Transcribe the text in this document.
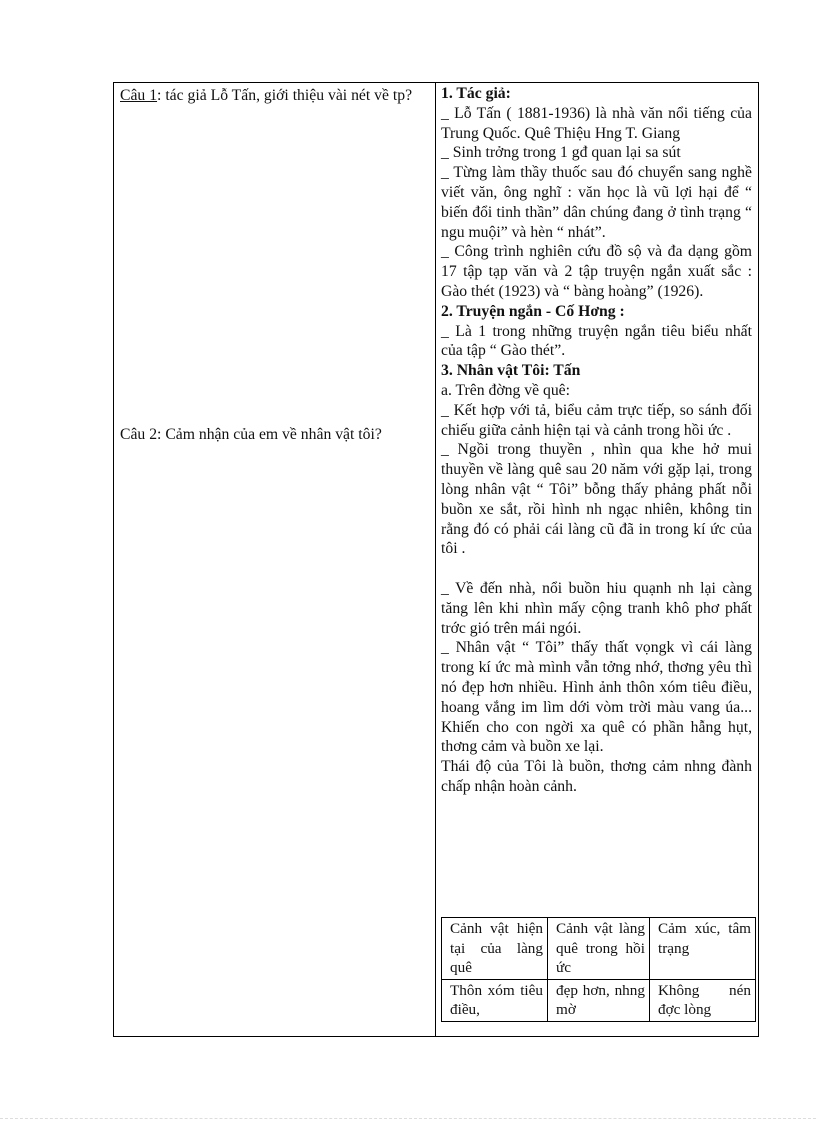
Câu 1: tác giả Lỗ Tấn, giới thiệu vài nét về tp?

Câu 2: Cảm nhận của em về nhân vật tôi?

1. Tác giả:

_ Lỗ Tấn ( 1881-1936) là nhà văn nổi tiếng của Trung Quốc. Quê Thiệu Hng T. Giang

_ Sinh trởng trong 1 gđ quan lại sa sút

_ Từng làm thầy thuốc sau đó chuyển sang nghề viết văn, ông nghĩ : văn học là vũ lợi hại để “ biến đổi tinh thần” dân chúng đang ở tình trạng “ ngu muội” và hèn “ nhát”.

_ Công trình nghiên cứu đồ sộ và đa dạng gồm 17 tập tạp văn và 2 tập truyện ngắn xuất sắc : Gào thét (1923) và “ bàng hoàng” (1926).

2. Truyện ngắn - Cố Hơng :

_ Là 1 trong những truyện ngắn tiêu biểu nhất của tập “ Gào thét”.

3. Nhân vật Tôi: Tấn

a. Trên đờng về quê:

_ Kết hợp với tả, biểu cảm trực tiếp, so sánh đối chiếu giữa cảnh hiện tại và cảnh trong hồi ức .

_ Ngồi trong thuyền , nhìn qua khe hở mui thuyền về làng quê sau 20 năm với gặp lại, trong lòng nhân vật “ Tôi” bỗng thấy phảng phất nỗi buồn xe sắt, rồi hình nh ngạc nhiên, không tin rằng đó có phải cái làng cũ đã in trong kí ức của tôi .

_ Về đến nhà, nổi buồn hiu quạnh nh lại càng tăng lên khi nhìn mấy cộng tranh khô phơ phất trớc gió trên mái ngói.

_ Nhân vật “ Tôi” thấy thất vọngk vì cái làng trong kí ức mà mình vẫn tởng nhớ, thơng yêu thì nó đẹp hơn nhiều. Hình ảnh thôn xóm tiêu điều, hoang vắng im lìm dới vòm trời màu vang úa... Khiến cho con ngời xa quê có phần hẫng hụt, thơng cảm và buồn xe lại.

Thái độ của Tôi là buồn, thơng cảm nhng đành chấp nhận hoàn cảnh.

Cảnh vật hiện tại của làng quê	Cảnh vật làng quê trong hồi ức	Cảm xúc, tâm trạng
Thôn xóm tiêu điều,	đẹp hơn, nhng mờ	Không nén đợc lòng
